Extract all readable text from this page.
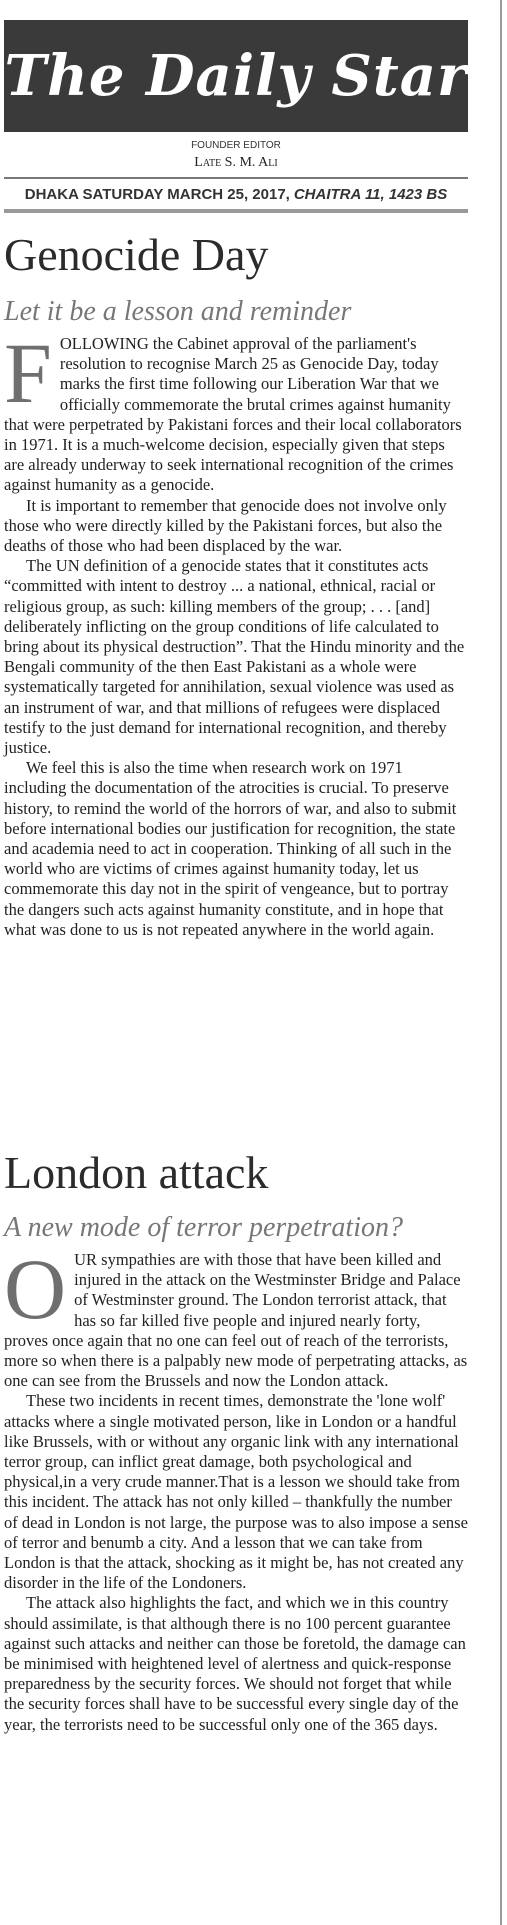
The Daily Star
FOUNDER EDITOR
Late S. M. Ali
DHAKA SATURDAY MARCH 25, 2017, CHAITRA 11, 1423 BS
Genocide Day
Let it be a lesson and reminder

FOLLOWING the Cabinet approval of the parliament's resolution to recognise March 25 as Genocide Day, today marks the first time following our Liberation War that we officially commemorate the brutal crimes against humanity that were perpetrated by Pakistani forces and their local collaborators in 1971. It is a much-welcome decision, especially given that steps are already underway to seek international recognition of the crimes against humanity as a genocide.

It is important to remember that genocide does not involve only those who were directly killed by the Pakistani forces, but also the deaths of those who had been displaced by the war.

The UN definition of a genocide states that it constitutes acts “committed with intent to destroy ... a national, ethnical, racial or religious group, as such: killing members of the group; . . . [and] deliberately inflicting on the group conditions of life calculated to bring about its physical destruction”. That the Hindu minority and the Bengali community of the then East Pakistani as a whole were systematically targeted for annihilation, sexual violence was used as an instrument of war, and that millions of refugees were displaced testify to the just demand for international recognition, and thereby justice.

We feel this is also the time when research work on 1971 including the documentation of the atrocities is crucial. To preserve history, to remind the world of the horrors of war, and also to submit before international bodies our justification for recognition, the state and academia need to act in cooperation. Thinking of all such in the world who are victims of crimes against humanity today, let us commemorate this day not in the spirit of vengeance, but to portray the dangers such acts against humanity constitute, and in hope that what was done to us is not repeated anywhere in the world again.

London attack
A new mode of terror perpetration?

OUR sympathies are with those that have been killed and injured in the attack on the Westminster Bridge and Palace of Westminster ground. The London terrorist attack, that has so far killed five people and injured nearly forty, proves once again that no one can feel out of reach of the terrorists, more so when there is a palpably new mode of perpetrating attacks, as one can see from the Brussels and now the London attack.

These two incidents in recent times, demonstrate the 'lone wolf' attacks where a single motivated person, like in London or a handful like Brussels, with or without any organic link with any international terror group, can inflict great damage, both psychological and physical,in a very crude manner.That is a lesson we should take from this incident. The attack has not only killed – thankfully the number of dead in London is not large, the purpose was to also impose a sense of terror and benumb a city. And a lesson that we can take from London is that the attack, shocking as it might be, has not created any disorder in the life of the Londoners.

The attack also highlights the fact, and which we in this country should assimilate, is that although there is no 100 percent guarantee against such attacks and neither can those be foretold, the damage can be minimised with heightened level of alertness and quick-response preparedness by the security forces. We should not forget that while the security forces shall have to be successful every single day of the year, the terrorists need to be successful only one of the 365 days.
